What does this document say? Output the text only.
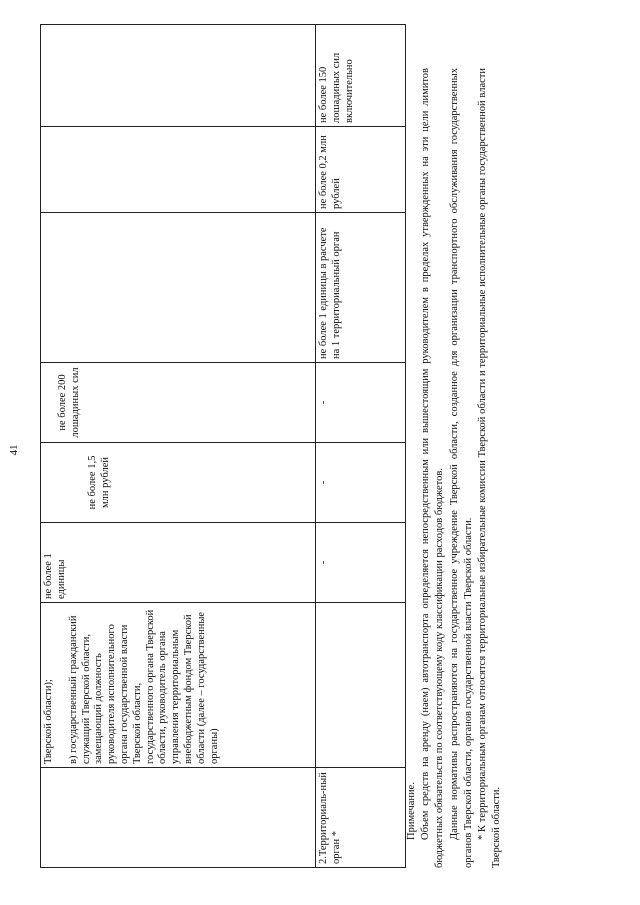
41

	Тверской области); в) государственный гражданский служащий Тверской области, замещающий должность руководителя исполнительного органа государственной власти Тверской области, государственного органа Тверской области, руководитель органа управления территориальным внебюджетным фондом Тверской области (далее – государственные органы)	не более 1 единицы	не более 1,5 млн рублей	не более 200 лошадиных сил			

2.Территориаль-ный орган *		-	-	-	не более 1 единицы в расчете на 1 территориальный орган	не более 0,2 млн рублей	не более 150 лошадиных сил включительно

Примечание. Объем средств на аренду (наем) автотранспорта определяется непосредственным или вышестоящим руководителем в пределах утвержденных на эти цели лимитов бюджетных обязательств по соответствующему коду классификации расходов бюджетов. Данные нормативы распространяются на государственное учреждение Тверской области, созданное для организации транспортного обслуживания государственных органов Тверской области, органов государственной власти Тверской области. * К территориальным органам относятся территориальные избирательные комиссии Тверской области и территориальные исполнительные органы государственной власти Тверской области.
